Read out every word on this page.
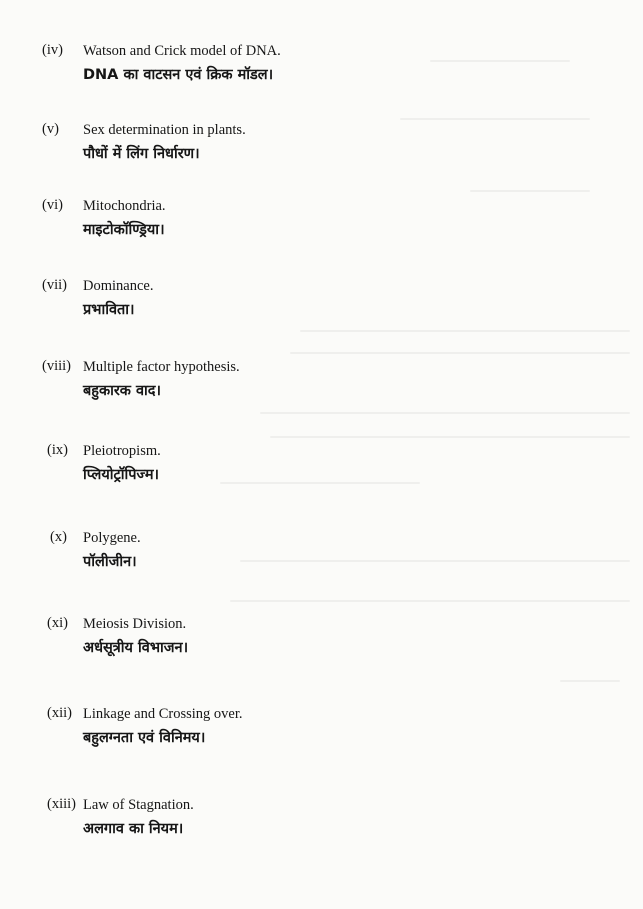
(iv) Watson and Crick model of DNA.
DNA का वाटसन एवं क्रिक मॉडल।
(v) Sex determination in plants.
पौधों में लिंग निर्धारण।
(vi) Mitochondria.
माइटोकॉण्ड्रिया।
(vii) Dominance.
प्रभाविता।
(viii) Multiple factor hypothesis.
बहुकारक वाद।
(ix) Pleiotropism.
प्लियोट्रॉपिज्म।
(x) Polygene.
पॉलीजीन।
(xi) Meiosis Division.
अर्धसूत्रीय विभाजन।
(xii) Linkage and Crossing over.
बहुलग्नता एवं विनिमय।
(xiii) Law of Stagnation.
अलगाव का नियम।
